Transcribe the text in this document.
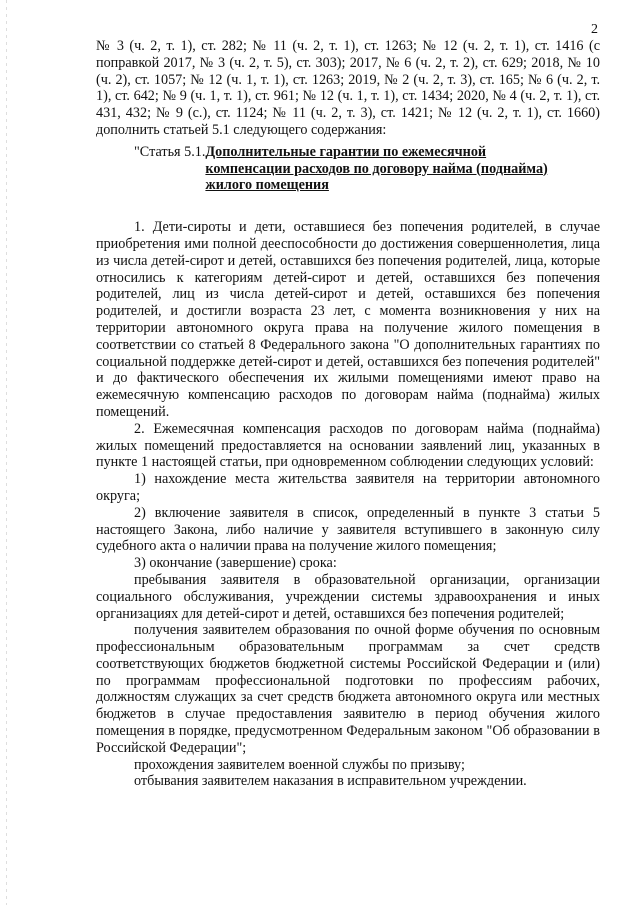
2

№ 3 (ч. 2, т. 1), ст. 282; № 11 (ч. 2, т. 1), ст. 1263; № 12 (ч. 2, т. 1), ст. 1416 (с поправкой 2017, № 3 (ч. 2, т. 5), ст. 303); 2017, № 6 (ч. 2, т. 2), ст. 629; 2018, № 10 (ч. 2), ст. 1057; № 12 (ч. 1, т. 1), ст. 1263; 2019, № 2 (ч. 2, т. 3), ст. 165; № 6 (ч. 2, т. 1), ст. 642; № 9 (ч. 1, т. 1), ст. 961; № 12 (ч. 1, т. 1), ст. 1434; 2020, № 4 (ч. 2, т. 1), ст. 431, 432; № 9 (с.), ст. 1124; № 11 (ч. 2, т. 3), ст. 1421; № 12 (ч. 2, т. 1), ст. 1660) дополнить статьей 5.1 следующего содержания:

"Статья 5.1. Дополнительные гарантии по ежемесячной компенсации расходов по договору найма (поднайма) жилого помещения

1. Дети-сироты и дети, оставшиеся без попечения родителей, в случае приобретения ими полной дееспособности до достижения совершеннолетия, лица из числа детей-сирот и детей, оставшихся без попечения родителей, лица, которые относились к категориям детей-сирот и детей, оставшихся без попечения родителей, лиц из числа детей-сирот и детей, оставшихся без попечения родителей, и достигли возраста 23 лет, с момента возникновения у них на территории автономного округа права на получение жилого помещения в соответствии со статьей 8 Федерального закона "О дополнительных гарантиях по социальной поддержке детей-сирот и детей, оставшихся без попечения родителей" и до фактического обеспечения их жилыми помещениями имеют право на ежемесячную компенсацию расходов по договорам найма (поднайма) жилых помещений.

2. Ежемесячная компенсация расходов по договорам найма (поднайма) жилых помещений предоставляется на основании заявлений лиц, указанных в пункте 1 настоящей статьи, при одновременном соблюдении следующих условий:

1) нахождение места жительства заявителя на территории автономного округа;

2) включение заявителя в список, определенный в пункте 3 статьи 5 настоящего Закона, либо наличие у заявителя вступившего в законную силу судебного акта о наличии права на получение жилого помещения;

3) окончание (завершение) срока:

пребывания заявителя в образовательной организации, организации социального обслуживания, учреждении системы здравоохранения и иных организациях для детей-сирот и детей, оставшихся без попечения родителей;

получения заявителем образования по очной форме обучения по основным профессиональным образовательным программам за счет средств соответствующих бюджетов бюджетной системы Российской Федерации и (или) по программам профессиональной подготовки по профессиям рабочих, должностям служащих за счет средств бюджета автономного округа или местных бюджетов в случае предоставления заявителю в период обучения жилого помещения в порядке, предусмотренном Федеральным законом "Об образовании в Российской Федерации";

прохождения заявителем военной службы по призыву;

отбывания заявителем наказания в исправительном учреждении.
